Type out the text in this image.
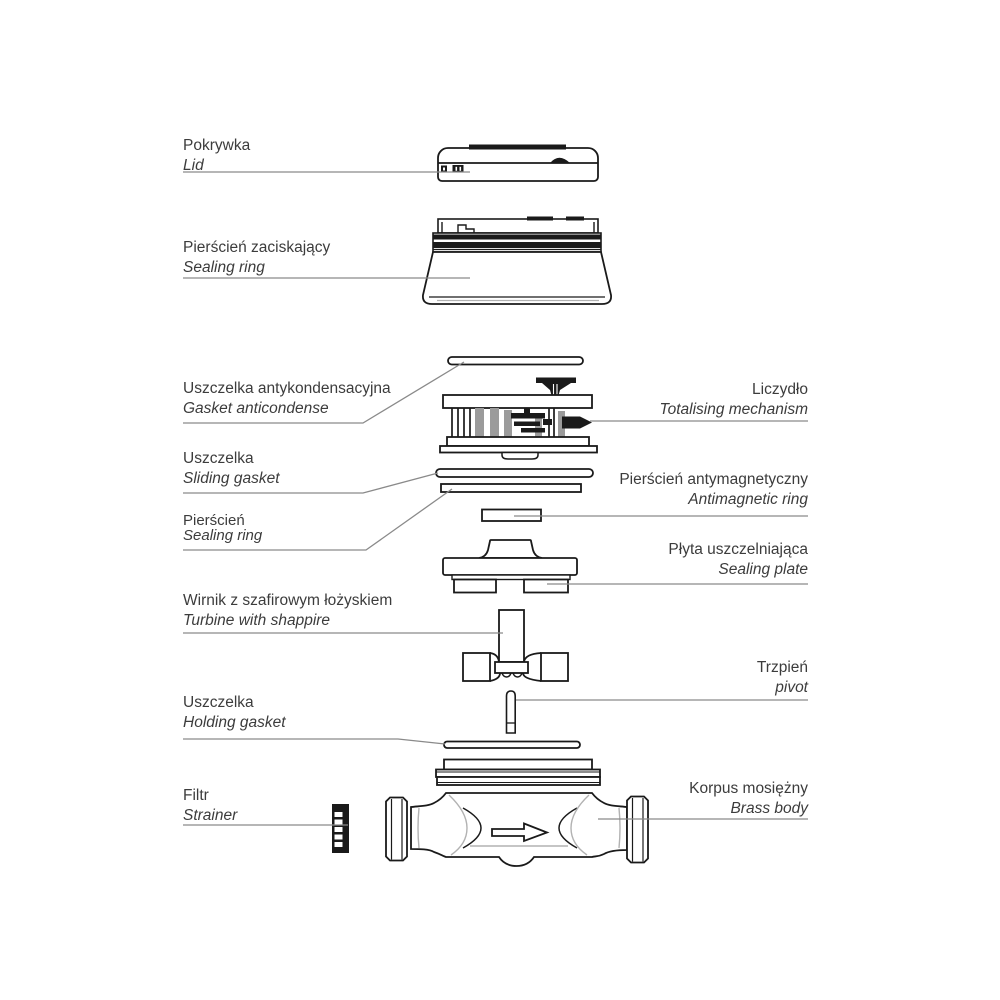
Pokrywka
Lid
Pierścień zaciskający
Sealing ring
Uszczelka antykondensacyjna
Gasket anticondense
Uszczelka
Sliding gasket
Pierścień
Sealing ring
Wirnik z szafirowym łożyskiem
Turbine with shappire
Uszczelka
Holding gasket
Filtr
Strainer
Liczydło
Totalising mechanism
Pierścień antymagnetyczny
Antimagnetic ring
Płyta uszczelniająca
Sealing plate
Trzpień
pivot
Korpus mosiężny
Brass body
